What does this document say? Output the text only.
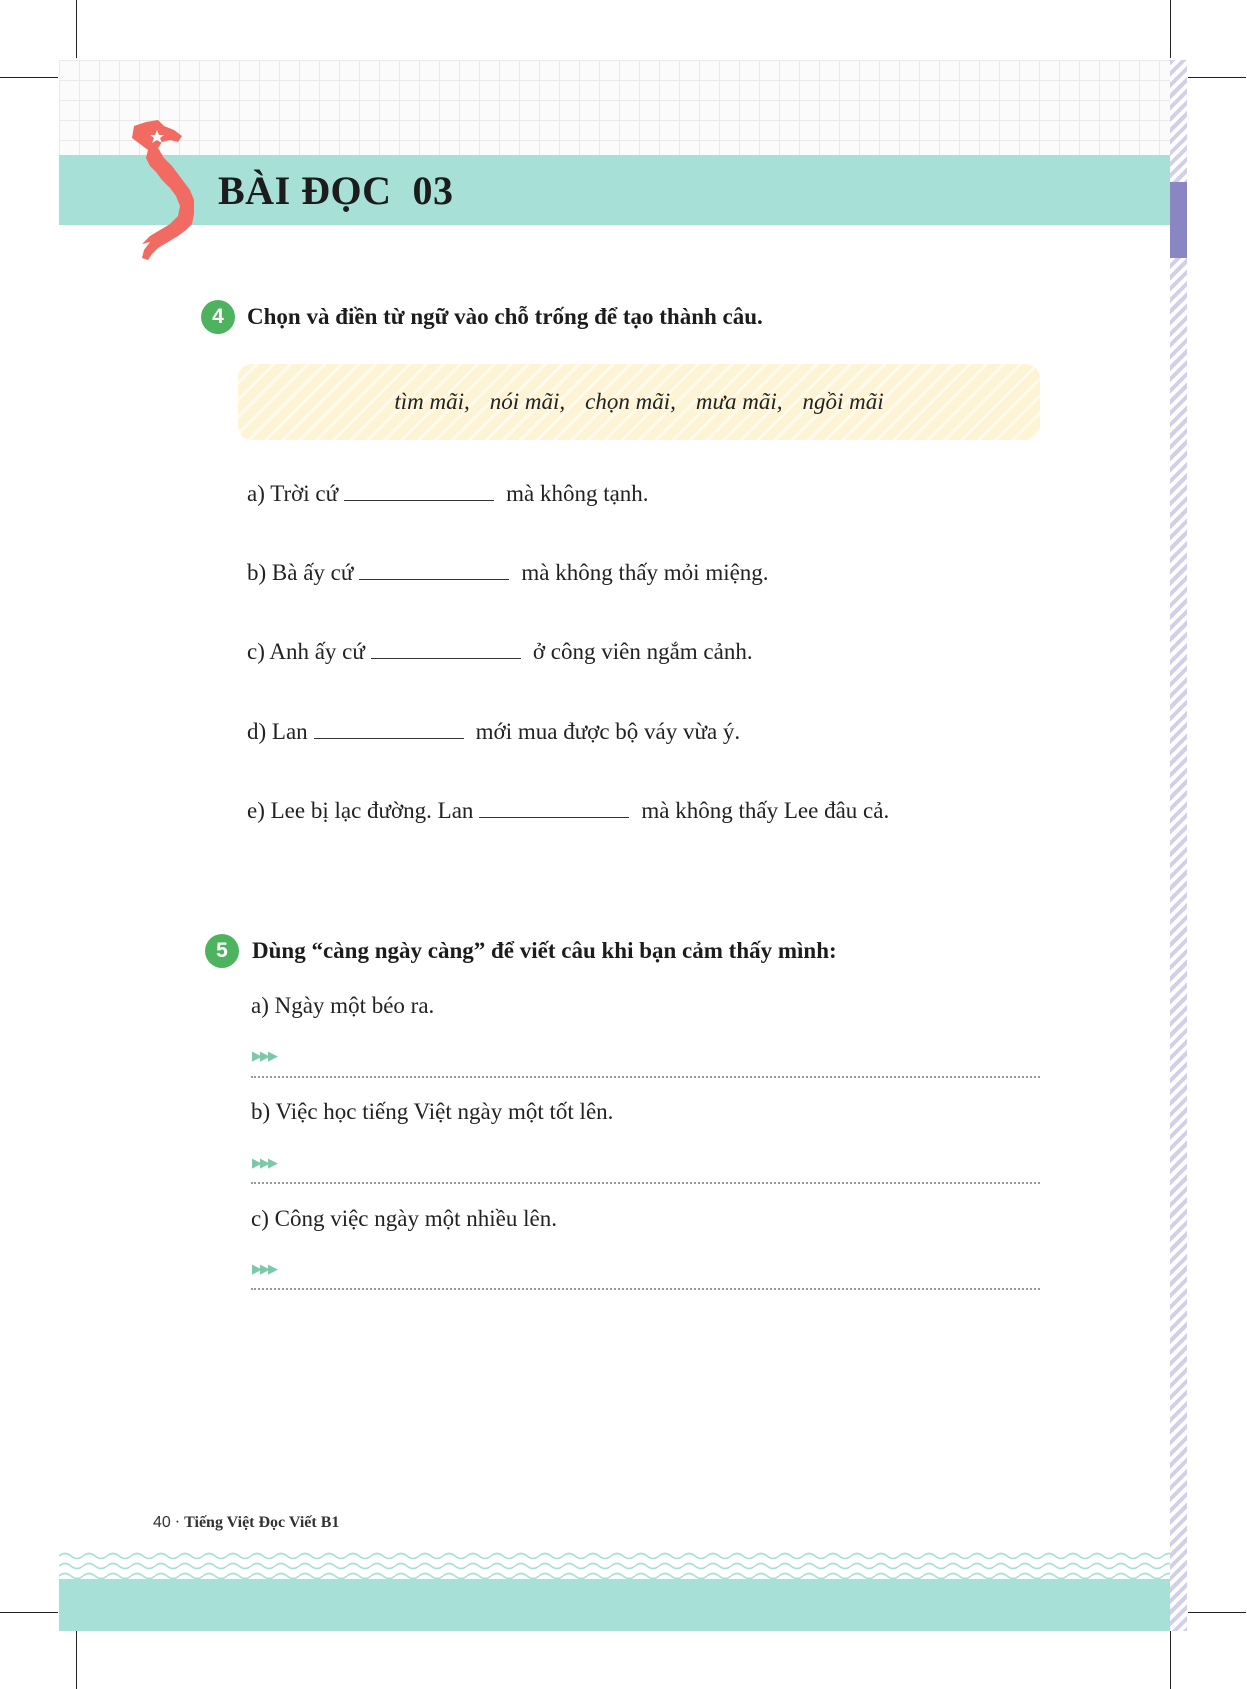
BÀI ĐỌC  03
4	Chọn và điền từ ngữ vào chỗ trống để tạo thành câu.
tìm mãi, nói mãi, chọn mãi, mưa mãi, ngồi mãi
a) Trời cứ	mà không tạnh.
b) Bà ấy cứ	mà không thấy mỏi miệng.
c) Anh ấy cứ	ở công viên ngắm cảnh.
d) Lan	mới mua được bộ váy vừa ý.
e) Lee bị lạc đường. Lan	mà không thấy Lee đâu cả.
5	Dùng “càng ngày càng” để viết câu khi bạn cảm thấy mình:
a) Ngày một béo ra.
▶▶▶
b) Việc học tiếng Việt ngày một tốt lên.
▶▶▶
c) Công việc ngày một nhiều lên.
▶▶▶
40 · Tiếng Việt Đọc Viết B1
